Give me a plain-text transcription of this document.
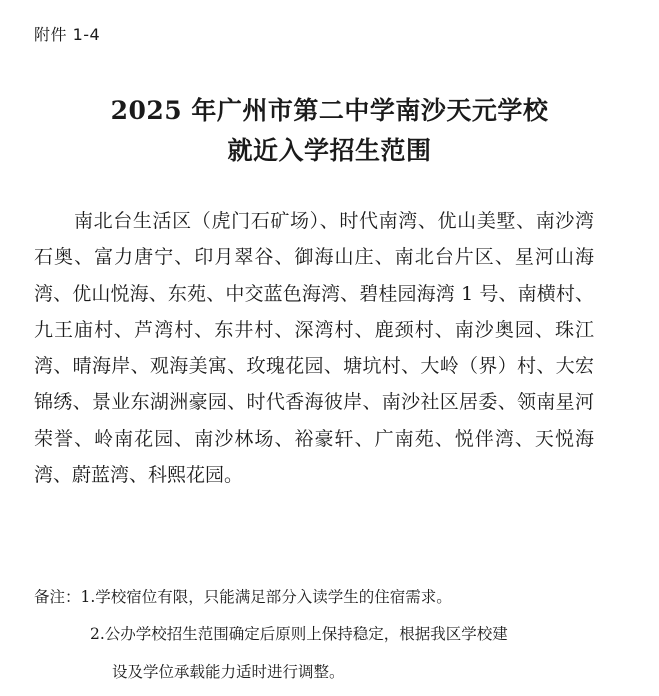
附件 1-4
2025 年广州市第二中学南沙天元学校
就近入学招生范围

南北台生活区（虎门石矿场）、时代南湾、优山美墅、南沙湾石奥、富力唐宁、印月翠谷、御海山庄、南北台片区、星河山海湾、优山悦海、东苑、中交蓝色海湾、碧桂园海湾 1 号、南横村、九王庙村、芦湾村、东井村、深湾村、鹿颈村、南沙奥园、珠江湾、晴海岸、观海美寓、玫瑰花园、塘坑村、大岭（界）村、大宏锦绣、景业东湖洲豪园、时代香海彼岸、南沙社区居委、领南星河荣誉、岭南花园、南沙林场、裕豪轩、广南苑、悦伴湾、天悦海湾、蔚蓝湾、科熙花园。

备注：1.学校宿位有限，只能满足部分入读学生的住宿需求。
2.公办学校招生范围确定后原则上保持稳定，根据我区学校建
设及学位承载能力适时进行调整。
